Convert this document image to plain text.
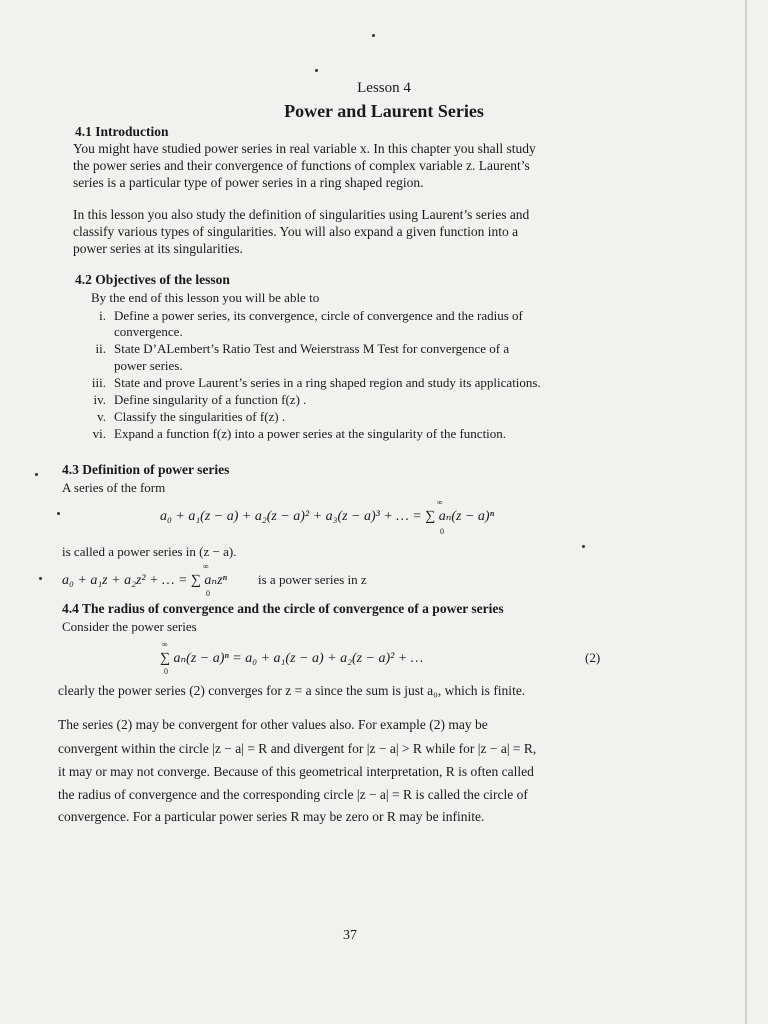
Lesson 4
Power and Laurent Series
4.1 Introduction
You might have studied power series in real variable x. In this chapter you shall study
the power series and their convergence of functions of complex variable z. Laurent’s
series is a particular type of power series in a ring shaped region.
In this lesson you also study the definition of singularities using Laurent’s series and
classify various types of singularities. You will also expand a given function into a
power series at its singularities.
4.2 Objectives of the lesson
By the end of this lesson you will be able to
i. Define a power series, its convergence, circle of convergence and the radius of
convergence.
ii. State D’ALembert’s Ratio Test and Weierstrass M Test for convergence of a
power series.
iii. State and prove Laurent’s series in a ring shaped region and study its applications.
iv. Define singularity of a function f(z) .
v. Classify the singularities of f(z) .
vi. Expand a function f(z) into a power series at the singularity of the function.
4.3 Definition of power series
A series of the form
a₀ + a₁(z − a) + a₂(z − a)² + a₃(z − a)³ + … = ∑ aₙ(z − a)ⁿ
∞
0
is called a power series in (z − a).
a₀ + a₁z + a₂z² + … = ∑ aₙzⁿ
∞
0
is a power series in z
4.4 The radius of convergence and the circle of convergence of a power series
Consider the power series
∑ aₙ(z − a)ⁿ = a₀ + a₁(z − a) + a₂(z − a)² + …
∞
0
(2)
clearly the power series (2) converges for z = a since the sum is just a₀, which is finite.
The series (2) may be convergent for other values also. For example (2) may be
convergent within the circle |z − a| = R and divergent for |z − a| > R while for |z − a| = R,
it may or may not converge. Because of this geometrical interpretation, R is often called
the radius of convergence and the corresponding circle |z − a| = R is called the circle of
convergence. For a particular power series R may be zero or R may be infinite.
37
